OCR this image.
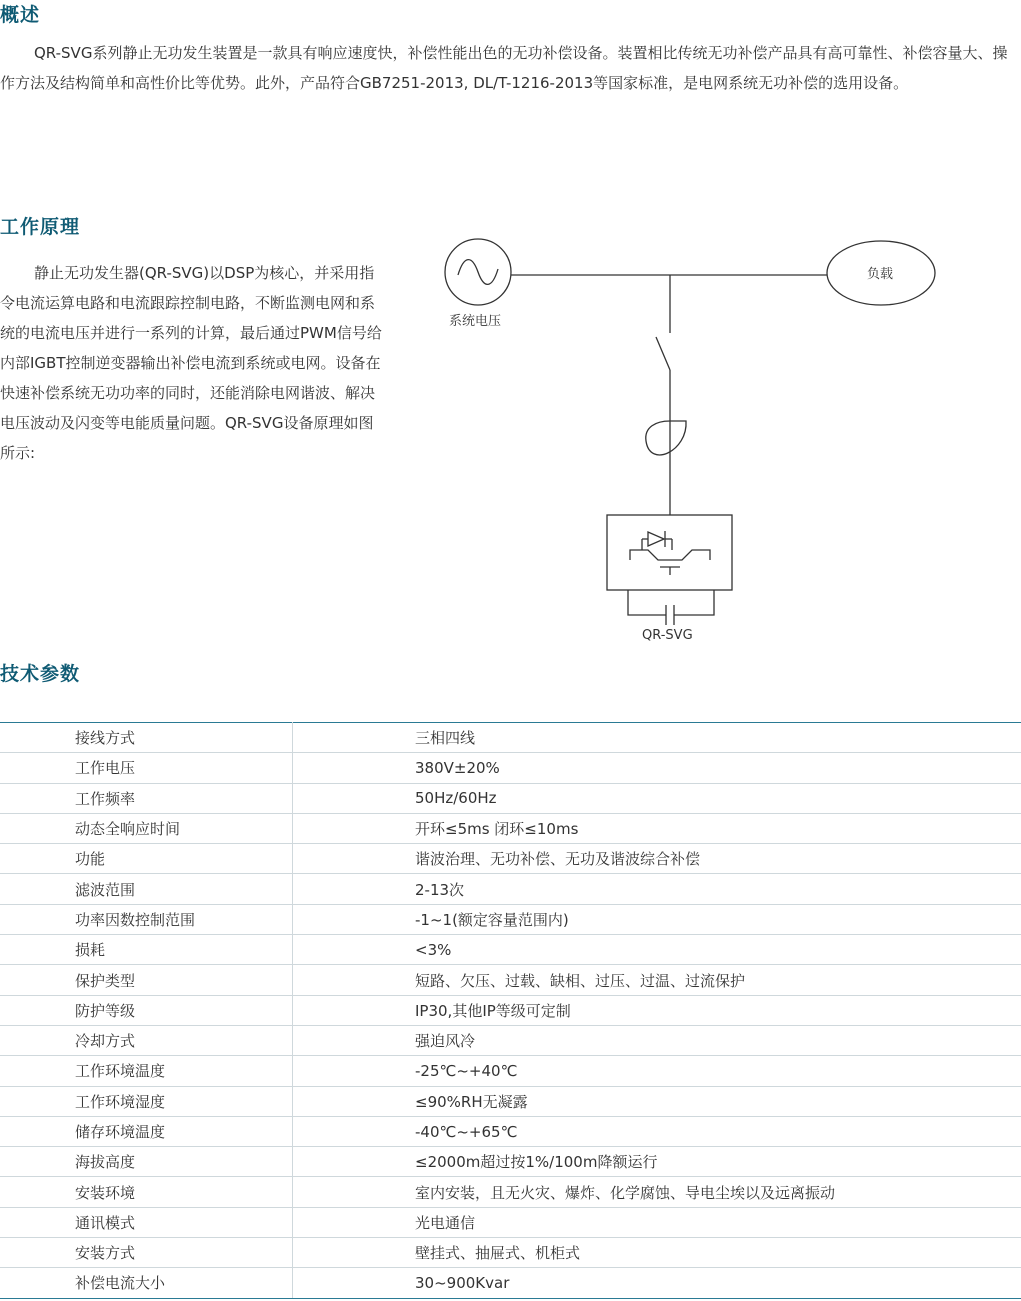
概述

QR-SVG系列静止无功发生装置是一款具有响应速度快，补偿性能出色的无功补偿设备。装置相比传统无功补偿产品具有高可靠性、补偿容量大、操作方法及结构简单和高性价比等优势。此外，产品符合GB7251-2013, DL/T-1216-2013等国家标准，是电网系统无功补偿的选用设备。

工作原理

静止无功发生器(QR-SVG)以DSP为核心，并采用指令电流运算电路和电流跟踪控制电路，不断监测电网和系统的电流电压并进行一系列的计算，最后通过PWM信号给内部IGBT控制逆变器输出补偿电流到系统或电网。设备在快速补偿系统无功功率的同时，还能消除电网谐波、解决电压波动及闪变等电能质量问题。QR-SVG设备原理如图所示:

系统电压
负载
QR-SVG
技术参数
接线方式	三相四线
工作电压	380V±20%
工作频率	50Hz/60Hz
动态全响应时间	开环≤5ms 闭环≤10ms
功能	谐波治理、无功补偿、无功及谐波综合补偿
滤波范围	2-13次
功率因数控制范围	-1~1(额定容量范围内)
损耗	<3%
保护类型	短路、欠压、过载、缺相、过压、过温、过流保护
防护等级	IP30,其他IP等级可定制
冷却方式	强迫风冷
工作环境温度	-25℃~+40℃
工作环境湿度	≤90%RH无凝露
储存环境温度	-40℃~+65℃
海拔高度	≤2000m超过按1%/100m降额运行
安装环境	室内安装，且无火灾、爆炸、化学腐蚀、导电尘埃以及远离振动
通讯模式	光电通信
安装方式	壁挂式、抽屉式、机柜式
补偿电流大小	30~900Kvar
